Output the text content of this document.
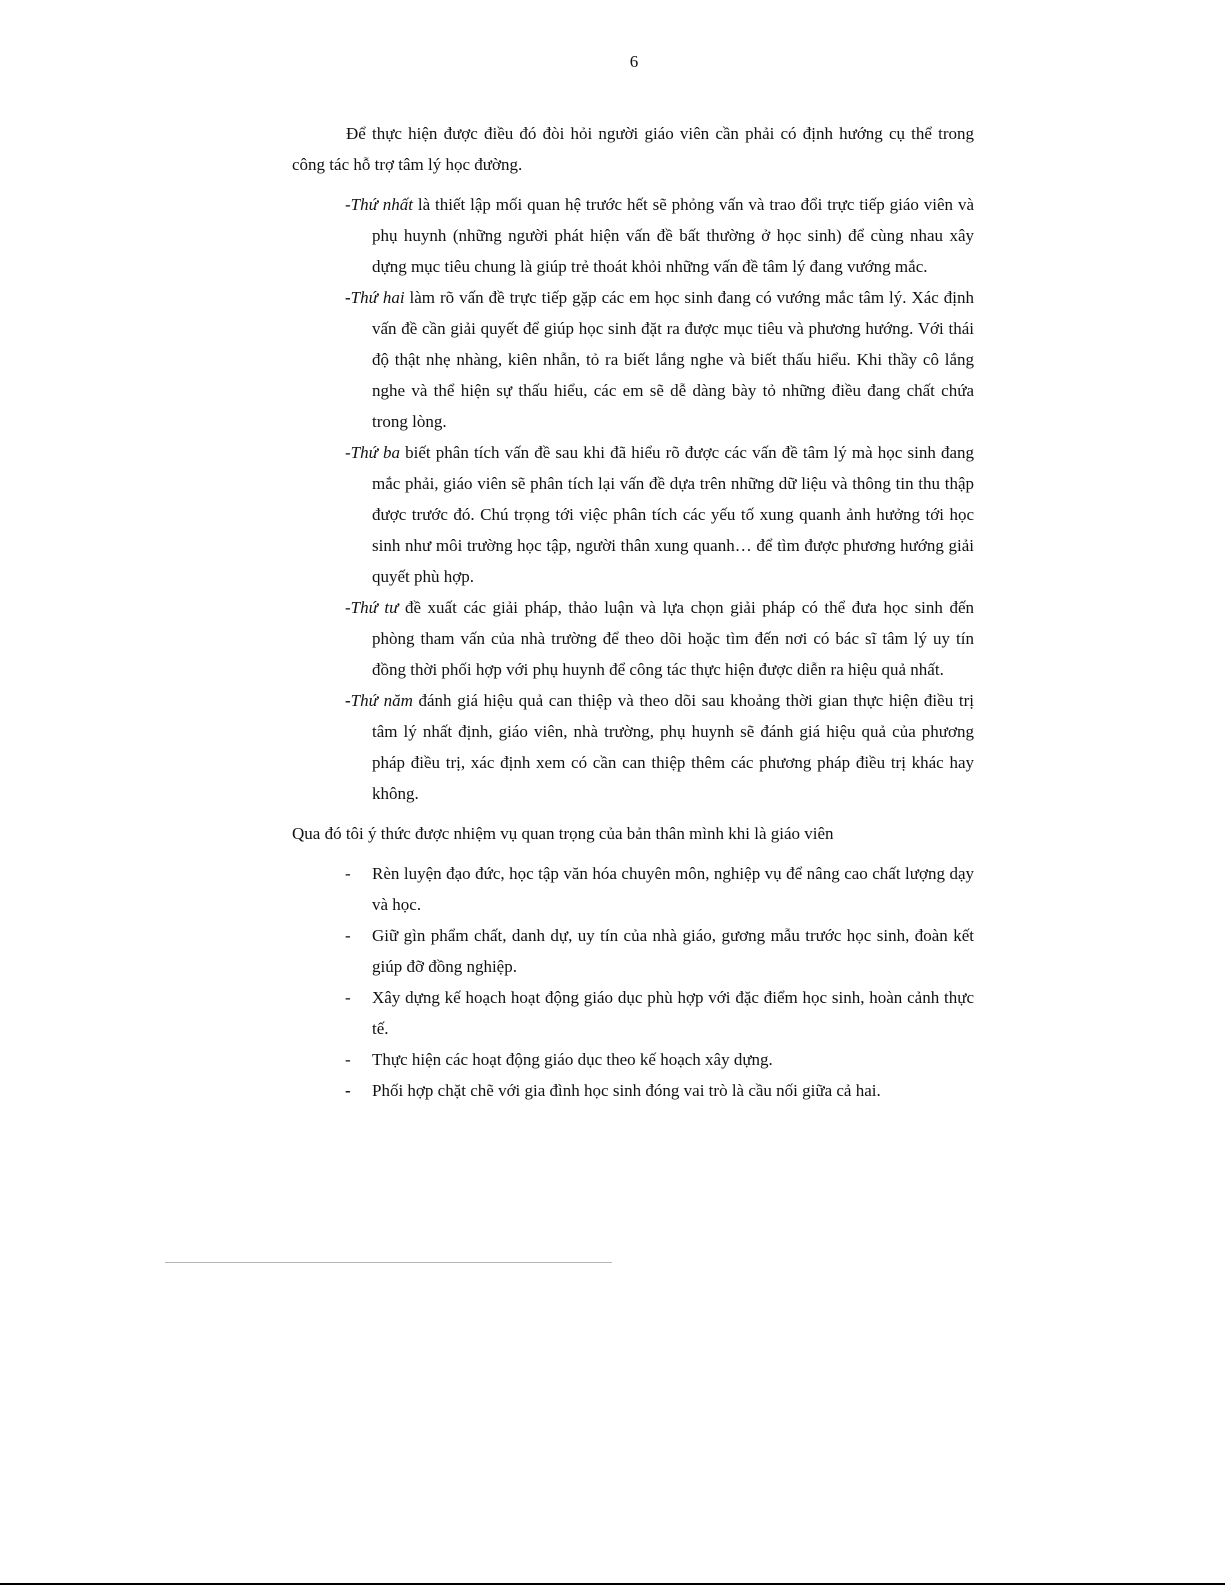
6

Để thực hiện được điều đó đòi hỏi người giáo viên cần phải có định hướng cụ thể trong công tác hỗ trợ tâm lý học đường.

-Thứ nhất là thiết lập mối quan hệ trước hết sẽ phỏng vấn và trao đổi trực tiếp giáo viên và phụ huynh (những người phát hiện vấn đề bất thường ở học sinh) để cùng nhau xây dựng mục tiêu chung là giúp trẻ thoát khỏi những vấn đề tâm lý đang vướng mắc.

-Thứ hai làm rõ vấn đề trực tiếp gặp các em học sinh đang có vướng mắc tâm lý. Xác định vấn đề cần giải quyết để giúp học sinh đặt ra được mục tiêu và phương hướng. Với thái độ thật nhẹ nhàng, kiên nhẫn, tỏ ra biết lắng nghe và biết thấu hiểu. Khi thầy cô lắng nghe và thể hiện sự thấu hiểu, các em sẽ dễ dàng bày tỏ những điều đang chất chứa trong lòng.

-Thứ ba biết phân tích vấn đề sau khi đã hiểu rõ được các vấn đề tâm lý mà học sinh đang mắc phải, giáo viên sẽ phân tích lại vấn đề dựa trên những dữ liệu và thông tin thu thập được trước đó. Chú trọng tới việc phân tích các yếu tố xung quanh ảnh hưởng tới học sinh như môi trường học tập, người thân xung quanh… để tìm được phương hướng giải quyết phù hợp.

-Thứ tư đề xuất các giải pháp, thảo luận và lựa chọn giải pháp có thể đưa học sinh đến phòng tham vấn của nhà trường để theo dõi hoặc tìm đến nơi có bác sĩ tâm lý uy tín đồng thời phối hợp với phụ huynh để công tác thực hiện được diễn ra hiệu quả nhất.

-Thứ năm đánh giá hiệu quả can thiệp và theo dõi sau khoảng thời gian thực hiện điều trị tâm lý nhất định, giáo viên, nhà trường, phụ huynh sẽ đánh giá hiệu quả của phương pháp điều trị, xác định xem có cần can thiệp thêm các phương pháp điều trị khác hay không.

Qua đó tôi ý thức được nhiệm vụ quan trọng của bản thân mình khi là giáo viên

- Rèn luyện đạo đức, học tập văn hóa chuyên môn, nghiệp vụ để nâng cao chất lượng dạy và học.

- Giữ gìn phẩm chất, danh dự, uy tín của nhà giáo, gương mẫu trước học sinh, đoàn kết giúp đỡ đồng nghiệp.

- Xây dựng kế hoạch hoạt động giáo dục phù hợp với đặc điểm học sinh, hoàn cảnh thực tế.

- Thực hiện các hoạt động giáo dục theo kế hoạch xây dựng.

- Phối hợp chặt chẽ với gia đình học sinh đóng vai trò là cầu nối giữa cả hai.
